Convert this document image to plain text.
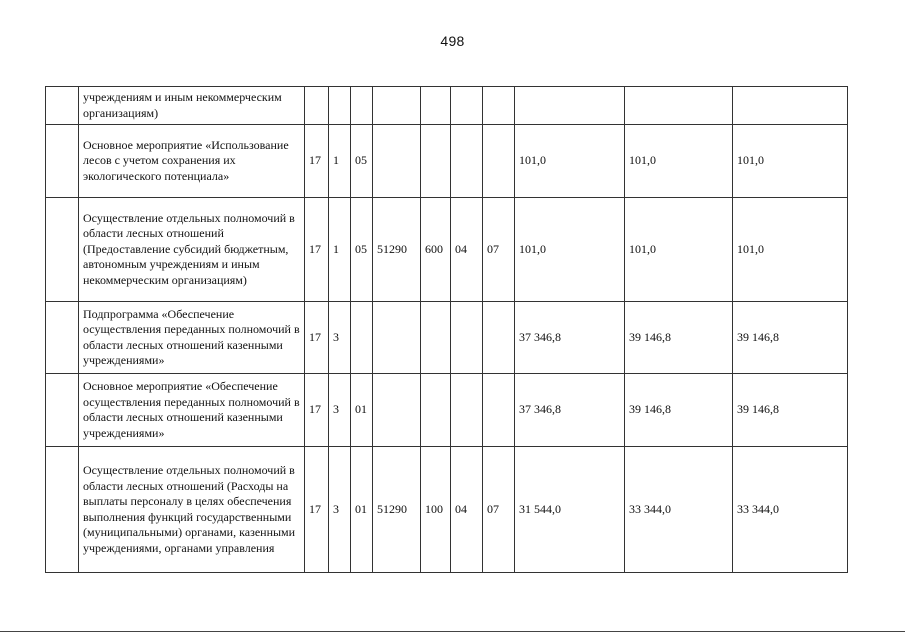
498
	учреждениям и иным некоммерческим организациям)										
	Основное мероприятие «Использование лесов с учетом сохранения их экологического потенциала»	17	1	05					101,0	101,0	101,0
	Осуществление отдельных полномочий в области лесных отношений (Предоставление субсидий бюджетным, автономным учреждениям и иным некоммерческим организациям)	17	1	05	51290	600	04	07	101,0	101,0	101,0
	Подпрограмма «Обеспечение осуществления переданных полномочий в области лесных отношений казенными учреждениями»	17	3						37 346,8	39 146,8	39 146,8
	Основное мероприятие «Обеспечение осуществления переданных полномочий в области лесных отношений казенными учреждениями»	17	3	01					37 346,8	39 146,8	39 146,8
	Осуществление отдельных полномочий в области лесных отношений (Расходы на выплаты персоналу в целях обеспечения выполнения функций государственными (муниципальными) органами, казенными учреждениями, органами управления	17	3	01	51290	100	04	07	31 544,0	33 344,0	33 344,0
